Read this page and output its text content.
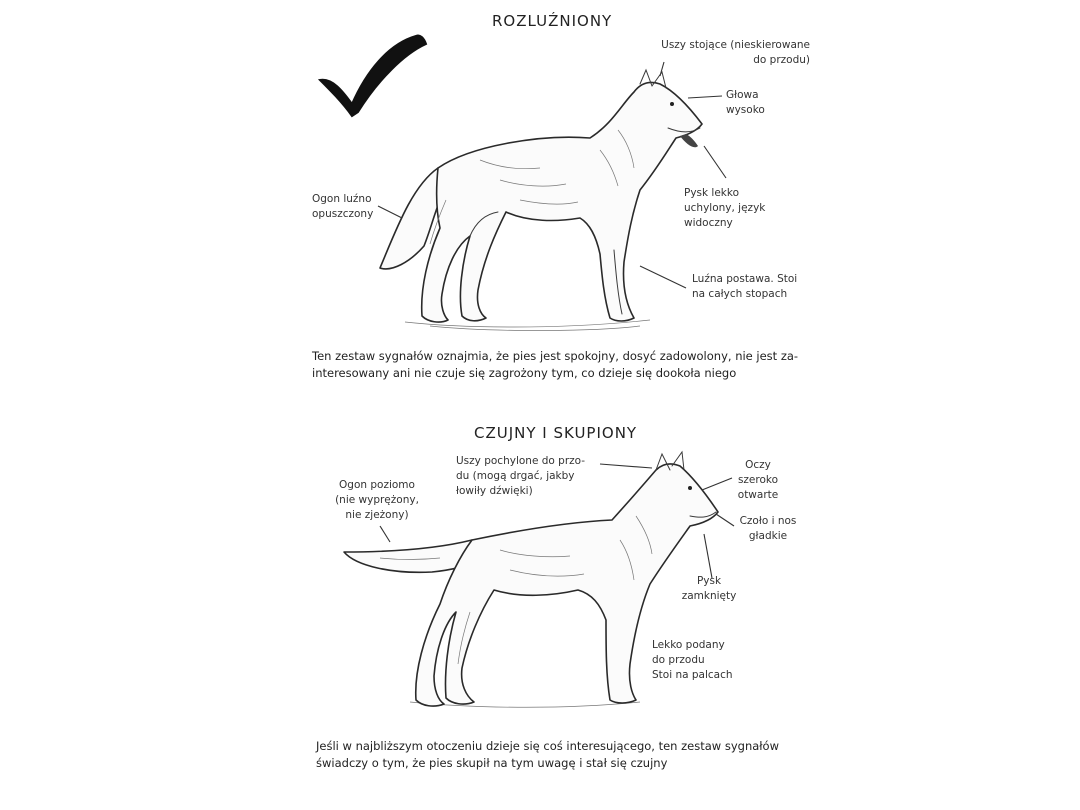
ROZLUŹNIONY
Uszy stojące (nieskierowane
do przodu)
Głowa
wysoko
Ogon luźno
opuszczony
Pysk lekko
uchylony, język
widoczny
Luźna postawa. Stoi
na całych stopach
Ten zestaw sygnałów oznajmia, że pies jest spokojny, dosyć zadowolony, nie jest za-
interesowany ani nie czuje się zagrożony tym, co dzieje się dookoła niego
CZUJNY I SKUPIONY
Uszy pochylone do przo-
du (mogą drgać, jakby
łowiły dźwięki)
Ogon poziomo
(nie wyprężony,
nie zjeżony)
Oczy
szeroko
otwarte
Czoło i nos
gładkie
Pysk
zamknięty
Lekko podany
do przodu
Stoi na palcach
Jeśli w najbliższym otoczeniu dzieje się coś interesującego, ten zestaw sygnałów
świadczy o tym, że pies skupił na tym uwagę i stał się czujny
